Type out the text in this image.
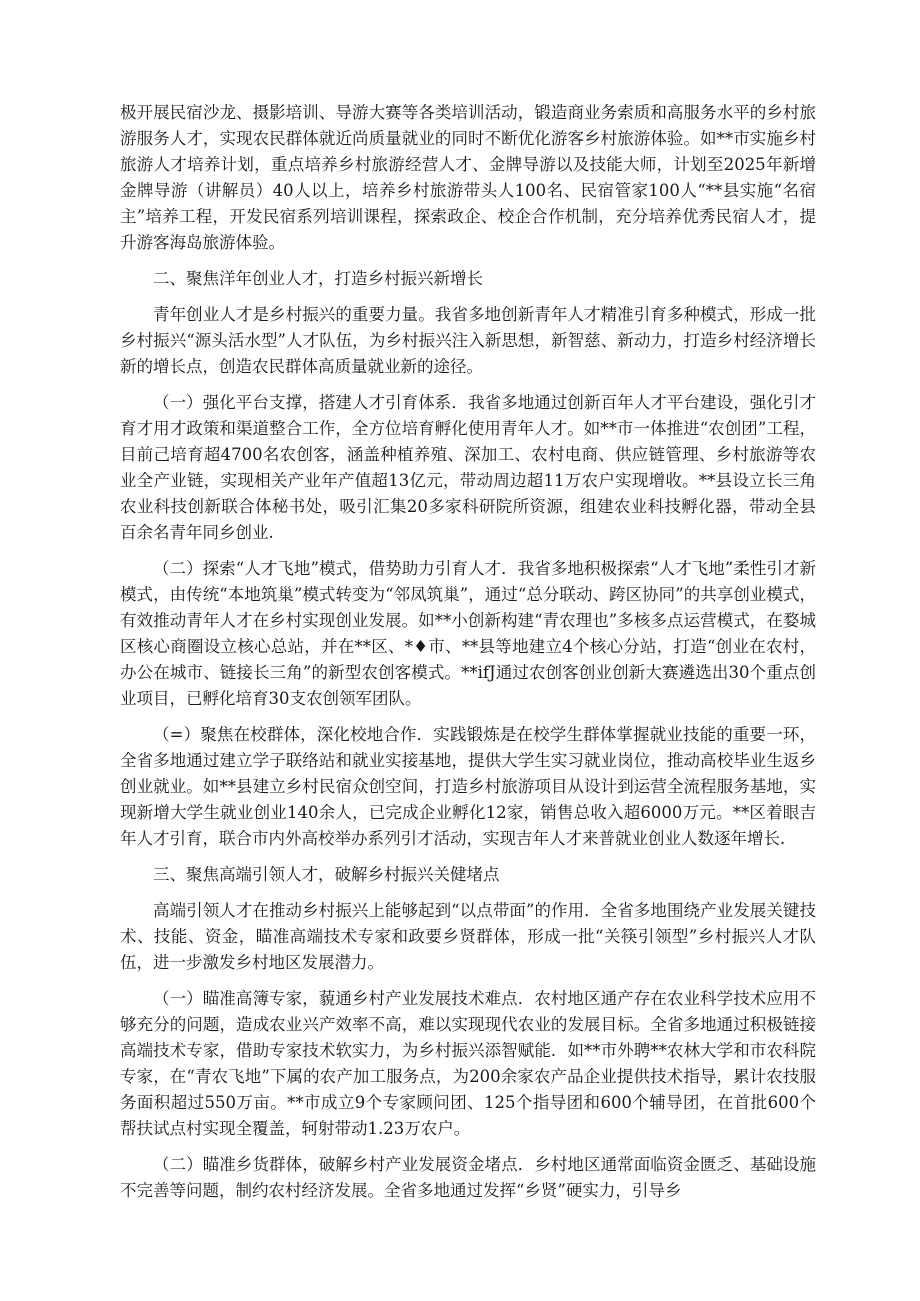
极开展民宿沙龙、摄影培训、导游大赛等各类培训活动，锻造商业务索质和高服务水平的乡村旅游服务人才，实现农民群体就近尚质量就业的同时不断优化游客乡村旅游体验。如**市实施乡村旅游人才培养计划，重点培养乡村旅游经营人才、金牌导游以及技能大师，计划至2025年新增金牌导游（讲解员）40人以上，培养乡村旅游带头人100名、民宿管家100人“**县实施“名宿主”培养工程，开发民宿系列培训课程，探索政企、校企合作机制，充分培养优秀民宿人才，提升游客海岛旅游体验。

二、聚焦洋年创业人才，打造乡村振兴新增长

青年创业人才是乡村振兴的重要力量。我省多地创新青年人才精准引育多种模式，形成一批乡村振兴“源头活水型”人才队伍，为乡村振兴注入新思想，新智慈、新动力，打造乡村经济增长新的增长点，创造农民群体高质量就业新的途径。

（一）强化平台支撑，搭建人才引育体系．我省多地通过创新百年人才平台建设，强化引才育才用才政策和渠道整合工作，全方位培育孵化使用青年人才。如**市一体推进“农创团”工程，目前己培育超4700名农创客，涵盖种植养殖、深加工、农村电商、供应链管理、乡村旅游等农业全产业链，实现相关产业年产值超13亿元，带动周边超11万农户实现增收。**县设立长三角农业科技创新联合体秘书处，吸引汇集20多家科研院所资源，组建农业科技孵化器，带动全县百余名青年同乡创业.

（二）探索“人才飞地”模式，借势助力引育人才．我省多地积极探索“人才飞地”柔性引才新模式，由传统“本地筑巢”模式转变为“邻凤筑巢”，通过“总分联动、跨区协同”的共享创业模式，有效推动青年人才在乡村实现创业发展。如**小创新构建“青农理也”多核多点运营模式，在婺城区核心商圈设立核心总站，并在**区、*♦市、**县等地建立4个核心分站，打造“创业在农村，办公在城市、链接长三角”的新型农创客模式。**ifJ通过农创客创业创新大赛遴选出30个重点创业项目，已孵化培育30支农创领军团队。

（=）聚焦在校群体，深化校地合作．实践锻炼是在校学生群体掌握就业技能的重要一环，全省多地通过建立学子联络站和就业实接基地，提供大学生实习就业岗位，推动高校毕业生返乡创业就业。如**县建立乡村民宿众创空间，打造乡村旅游项目从设计到运营全流程服务基地，实现新增大学生就业创业140余人，已完成企业孵化12家，销售总收入超6000万元。**区着眼吉年人才引育，联合市内外高校举办系列引才活动，实现吉年人才来普就业创业人数逐年增长.

三、聚焦高端引领人才，破解乡村振兴关健堵点

高端引领人才在推动乡村振兴上能够起到“以点带面”的作用．全省多地围绕产业发展关键技术、技能、资金，瞄准高端技术专家和政要乡贤群体，形成一批“关筷引领型”乡村振兴人才队伍，进一步激发乡村地区发展潜力。

（一）瞄准高簿专家，藐通乡村产业发展技术难点．农村地区通产存在农业科学技术应用不够充分的问题，造成农业兴产效率不高，难以实现现代农业的发展目标。全省多地通过积极链接高端技术专家，借助专家技术软实力，为乡村振兴添智赋能．如**市外聘**农林大学和市农科院专家，在“青农飞地”下属的农产加工服务点，为200余家农产品企业提供技术指导，累计农技服务面积超过550万亩。**市成立9个专家顾问团、125个指导团和600个辅导团，在首批600个帮扶试点村实现全覆盖，轲射带动1.23万农户。

（二）瞄准乡货群体，破解乡村产业发展资金堵点．乡村地区通常面临资金匮乏、基础设施不完善等问题，制约农村经济发展。全省多地通过发挥“乡贤”硬实力，引导乡
